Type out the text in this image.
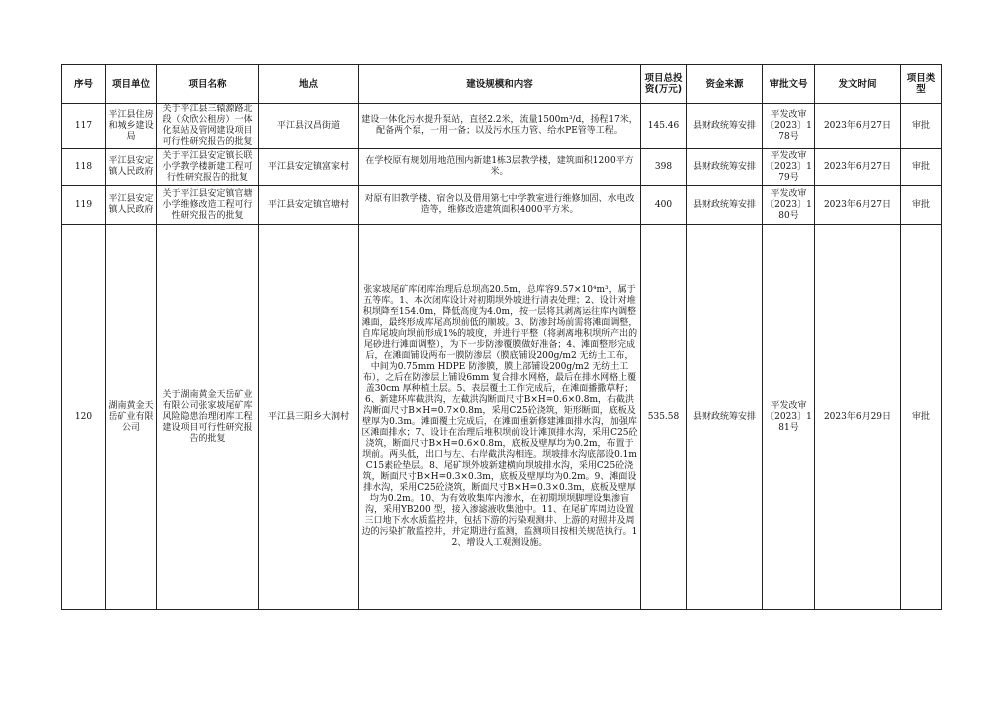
序号	项目单位	项目名称	地点	建设规模和内容	项目总投资(万元)	资金来源	审批文号	发文时间	项目类型
117	平江县住房和城乡建设局	关于平江县三辕源路北段（众欣公租房）一体化泵站及管网建设项目可行性研究报告的批复	平江县汉昌街道	建设一体化污水提升泵站，直径2.2米，流量1500m³/d，扬程17米，配备两个泵，一用一备；以及污水压力管、给水PE管等工程。	145.46	县财政统筹安排	平发改审〔2023〕178号	2023年6月27日	审批
118	平江县安定镇人民政府	关于平江县安定镇长联小学教学楼新建工程可行性研究报告的批复	平江县安定镇富家村	在学校原有规划用地范围内新建1栋3层教学楼，建筑面积1200平方米。	398	县财政统筹安排	平发改审〔2023〕179号	2023年6月27日	审批
119	平江县安定镇人民政府	关于平江县安定镇官塘小学维修改造工程可行性研究报告的批复	平江县安定镇官塘村	对原有旧教学楼、宿舍以及借用第七中学教室进行维修加固、水电改造等，维修改造建筑面积4000平方米。	400	县财政统筹安排	平发改审〔2023〕180号	2023年6月27日	审批
120	湖南黄金天岳矿业有限公司	关于湖南黄金天岳矿业有限公司张家坡尾矿库风险隐患治理闭库工程建设项目可行性研究报告的批复	平江县三阳乡大洞村	张家坡尾矿库闭库治理后总坝高20.5m，总库容9.57×10⁴m³，属于五等库。1、本次闭库设计对初期坝外坡进行清表处理；2、设计对堆积坝降至154.0m，降低高度为4.0m，按一层将其剥离运往库内调整滩面，最终形成库尾高坝前低的顺坡。3、防渗封场前需将滩面调整，自库尾坡向坝前形成1%的坡度，并进行平整（将剥离堆积坝所产出的尾砂进行滩面调整），为下一步防渗覆膜做好准备；4、滩面整形完成后，在滩面铺设两布一膜防渗层（膜底铺设200g/m2 无纺土工布，中间为0.75mm HDPE 防渗膜，膜上部铺设200g/m2 无纺土工布），之后在防渗层上铺设6mm 复合排水网格，最后在排水网格上覆盖30cm 厚种植土层。5、表层覆土工作完成后，在滩面播撒草籽；6、新建环库截洪沟，左截洪沟断面尺寸B×H=0.6×0.8m，右截洪沟断面尺寸B×H=0.7×0.8m，采用C25砼浇筑，矩形断面，底板及壁厚为0.3m。滩面覆土完成后，在滩面重新修建滩面排水沟，加强库区滩面排水；7、设计在治理后堆积坝前设计滩顶排水沟，采用C25砼浇筑，断面尺寸B×H=0.6×0.8m，底板及壁厚均为0.2m，布置于坝前。两头低，出口与左、右岸截洪沟相连。坝坡排水沟底部设0.1mC15素砼垫层。8、尾矿坝外坡新建横向坝坡排水沟，采用C25砼浇筑，断面尺寸B×H=0.3×0.3m，底板及壁厚均为0.2m。9、滩面设排水沟，采用C25砼浇筑，断面尺寸B×H=0.3×0.3m，底板及壁厚均为0.2m。10、为有效收集库内渗水，在初期坝坝脚埋设集渗盲沟，采用YB200 型，接入渗滤液收集池中。11、在尾矿库周边设置三口地下水水质监控井，包括下游的污染观测井、上游的对照井及周边的污染扩散监控井，并定期进行监测，监测项目按相关规范执行。12、增设人工观测设施。	535.58	县财政统筹安排	平发改审〔2023〕181号	2023年6月29日	审批
